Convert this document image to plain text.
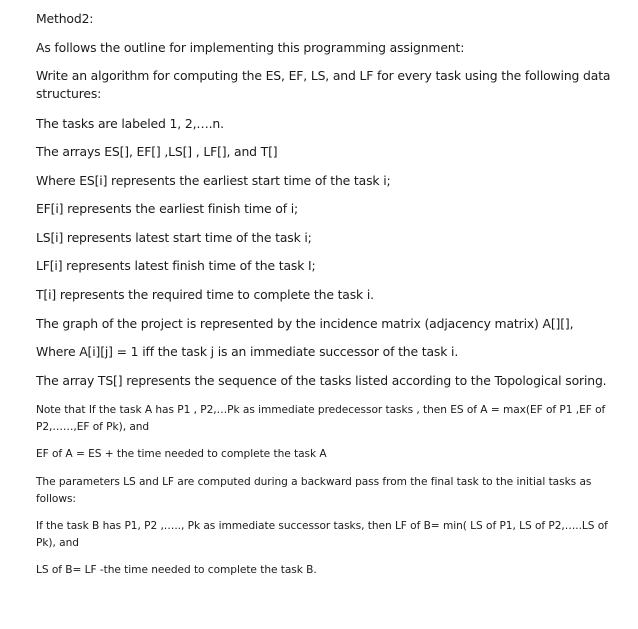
Method2:
As follows the outline for implementing this programming assignment:
Write an algorithm for computing the ES, EF, LS, and LF for every task using the following data structures:
The tasks are labeled 1, 2,….n.
The arrays ES[], EF[] ,LS[] , LF[], and T[]
Where ES[i] represents the earliest start time of the task i;
EF[i] represents the earliest finish time of i;
LS[i] represents latest start time of the task i;
LF[i] represents latest finish time of the task I;
T[i] represents the required time to complete the task i.
The graph of the project is represented by the incidence matrix (adjacency matrix) A[][],
Where A[i][j] = 1 iff the task j is an immediate successor of the task i.
The array TS[] represents the sequence of the tasks listed according to the Topological soring.
Note that If the task A has P1 , P2,…Pk as immediate predecessor tasks , then ES of A = max(EF of P1 ,EF of P2,……,EF of Pk), and
EF of A = ES + the time needed to complete the task A
The parameters LS and LF are computed during a backward pass from the final task to the initial tasks as follows:
If the task B has P1, P2 ,….., Pk as immediate successor tasks, then LF of B= min( LS of P1, LS of P2,…..LS of Pk), and
LS of B= LF -the time needed to complete the task B.
